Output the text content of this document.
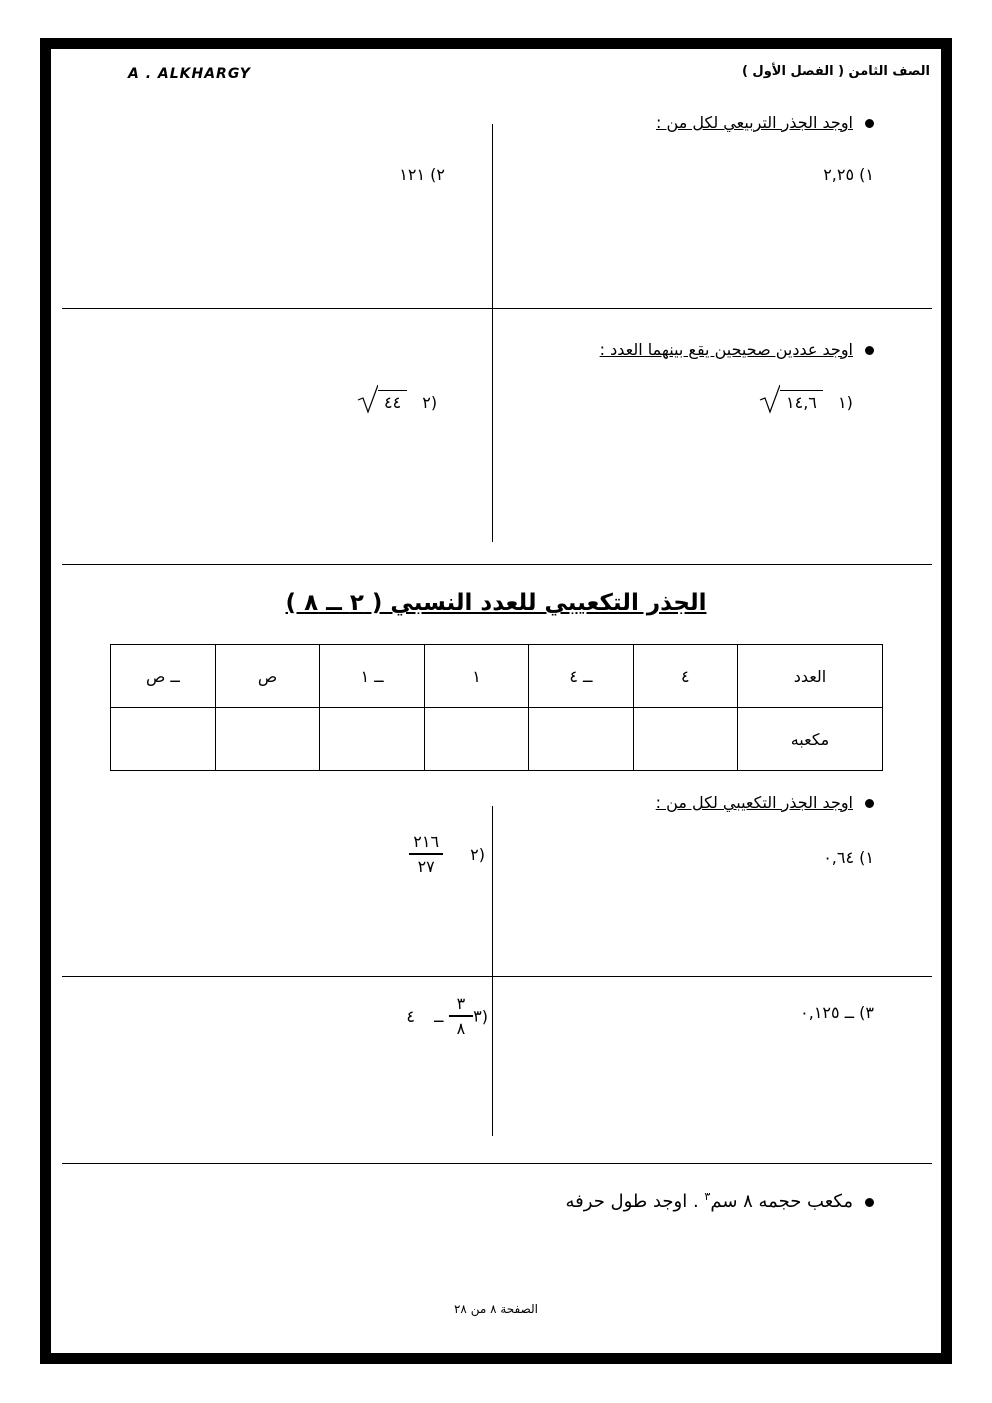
A . ALKHARGY	الصف الثامن ( الفصل الأول )
اوجد الجذر التربيعي لكل من :
١) ٢,٢٥
٢) ١٢١
اوجد عددين صحيحين يقع بينهما العدد :
١٤,٦ ١)
٤٤ ٢)
الجذر التكعيبي للعدد النسبي ( ٢ ــ ٨ )
العدد	٤	ــ ٤	١	ــ ١	ص	ــ ص
مكعبه						
اوجد الجذر التكعيبي لكل من :
١) ٠,٦٤
$\frac{٢١٦}{٢٧}$ ٢)
٣) ــ ٠,١٢٥
٣
$\frac{٣}{٨}$
ــ ٤)
مكعب حجمه ٨ سم$^٣$ . اوجد طول حرفه
الصفحة ٨ من ٢٨
